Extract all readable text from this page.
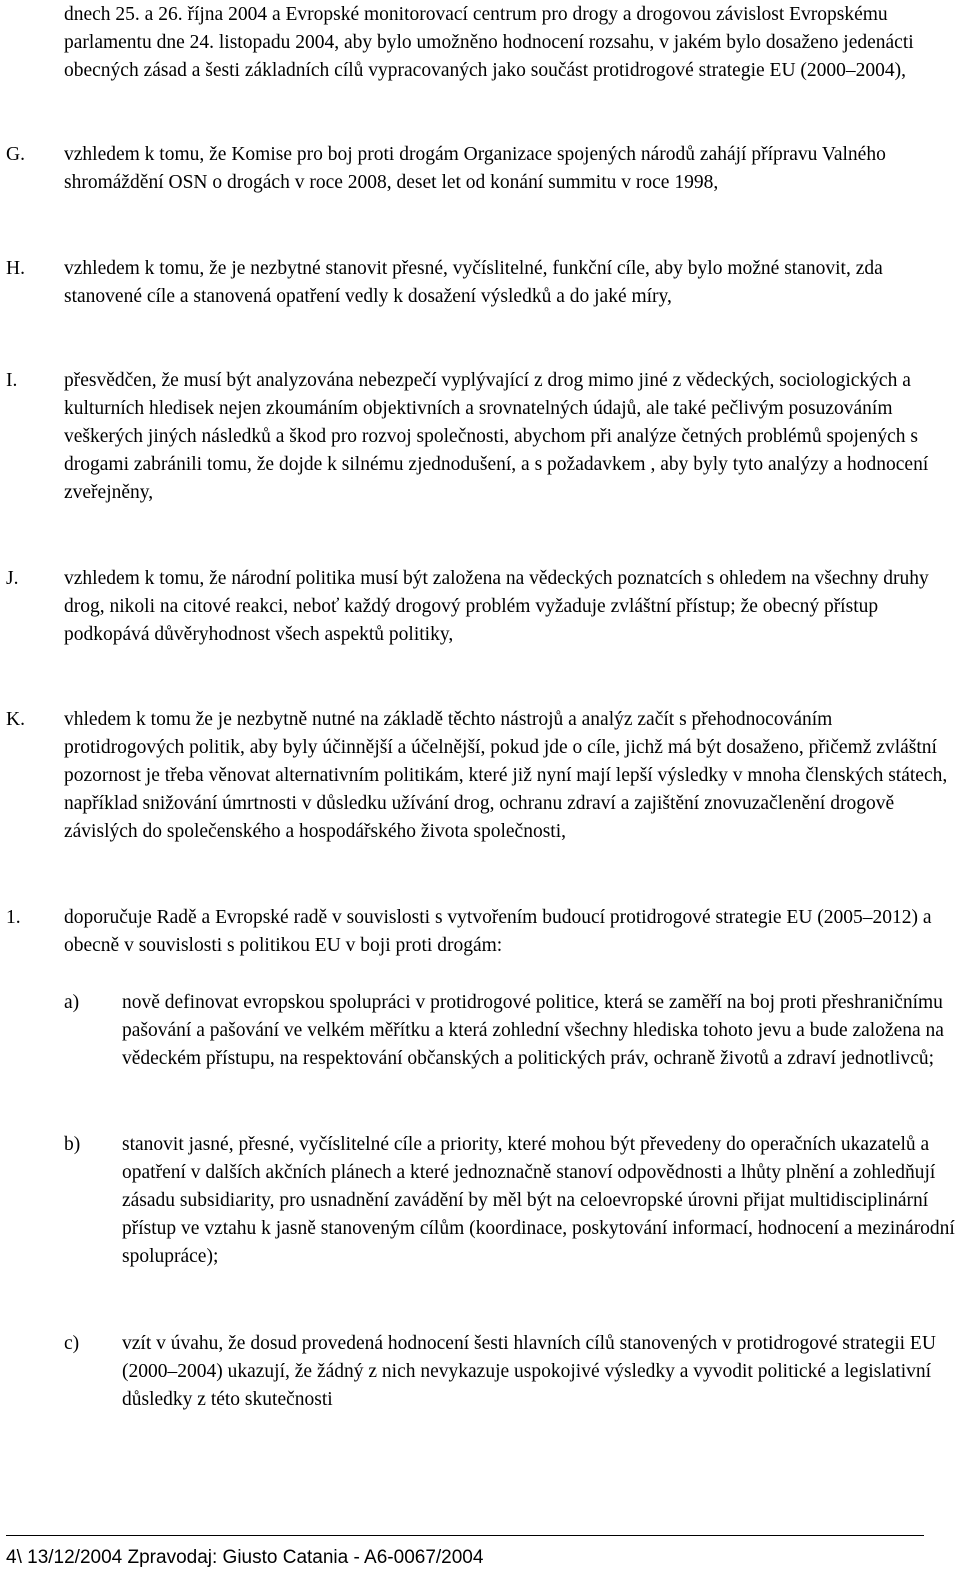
dnech 25. a 26. října 2004 a Evropské monitorovací centrum pro drogy a drogovou závislost Evropskému parlamentu dne 24. listopadu 2004, aby bylo umožněno hodnocení rozsahu, v jakém bylo dosaženo jedenácti obecných zásad a šesti základních cílů vypracovaných jako součást protidrogové strategie EU (2000–2004),
G. vzhledem k tomu, že Komise pro boj proti drogám Organizace spojených národů zahájí přípravu Valného shromáždění OSN o drogách v roce 2008, deset let od konání summitu v roce 1998,
H. vzhledem k tomu, že je nezbytné stanovit přesné, vyčíslitelné, funkční cíle, aby bylo možné stanovit, zda stanovené cíle a stanovená opatření vedly k dosažení výsledků a do jaké míry,
I. přesvědčen, že musí být analyzována nebezpečí vyplývající z drog mimo jiné z vědeckých, sociologických a kulturních hledisek nejen zkoumáním objektivních a srovnatelných údajů, ale také pečlivým posuzováním veškerých jiných následků a škod pro rozvoj společnosti, abychom při analýze četných problémů spojených s drogami zabránili tomu, že dojde k silnému zjednodušení, a s požadavkem , aby byly tyto analýzy a hodnocení zveřejněny,
J. vzhledem k tomu, že národní politika musí být založena na vědeckých poznatcích s ohledem na všechny druhy drog, nikoli na citové reakci, neboť každý drogový problém vyžaduje zvláštní přístup; že obecný přístup podkopává důvěryhodnost všech aspektů politiky,
K. vhledem k tomu že je nezbytně nutné na základě těchto nástrojů a analýz začít s přehodnocováním protidrogových politik, aby byly účinnější a účelnější, pokud jde o cíle, jichž má být dosaženo, přičemž zvláštní pozornost je třeba věnovat alternativním politikám, které již nyní mají lepší výsledky v mnoha členských státech, například snižování úmrtnosti v důsledku užívání drog, ochranu zdraví a zajištění znovuzačlenění drogově závislých do společenského a hospodářského života společnosti,
1. doporučuje Radě a Evropské radě v souvislosti s vytvořením budoucí protidrogové strategie EU (2005–2012) a obecně v souvislosti s politikou EU v boji proti drogám:
a) nově definovat evropskou spolupráci v protidrogové politice, která se zaměří na boj proti přeshraničnímu pašování a pašování ve velkém měřítku a která zohlední všechny hlediska tohoto jevu a bude založena na vědeckém přístupu, na respektování občanských a politických práv, ochraně životů a zdraví jednotlivců;
b) stanovit jasné, přesné, vyčíslitelné cíle a priority, které mohou být převedeny do operačních ukazatelů a opatření v dalších akčních plánech a které jednoznačně stanoví odpovědnosti a lhůty plnění a zohledňují zásadu subsidiarity, pro usnadnění zavádění by měl být na celoevropské úrovni přijat multidisciplinární přístup ve vztahu k jasně stanoveným cílům (koordinace, poskytování informací, hodnocení a mezinárodní spolupráce);
c) vzít v úvahu, že dosud provedená hodnocení šesti hlavních cílů stanovených v protidrogové strategii EU (2000–2004) ukazují, že žádný z nich nevykazuje uspokojivé výsledky a vyvodit politické a legislativní důsledky z této skutečnosti
4\ 13/12/2004 Zpravodaj: Giusto Catania - A6-0067/2004
